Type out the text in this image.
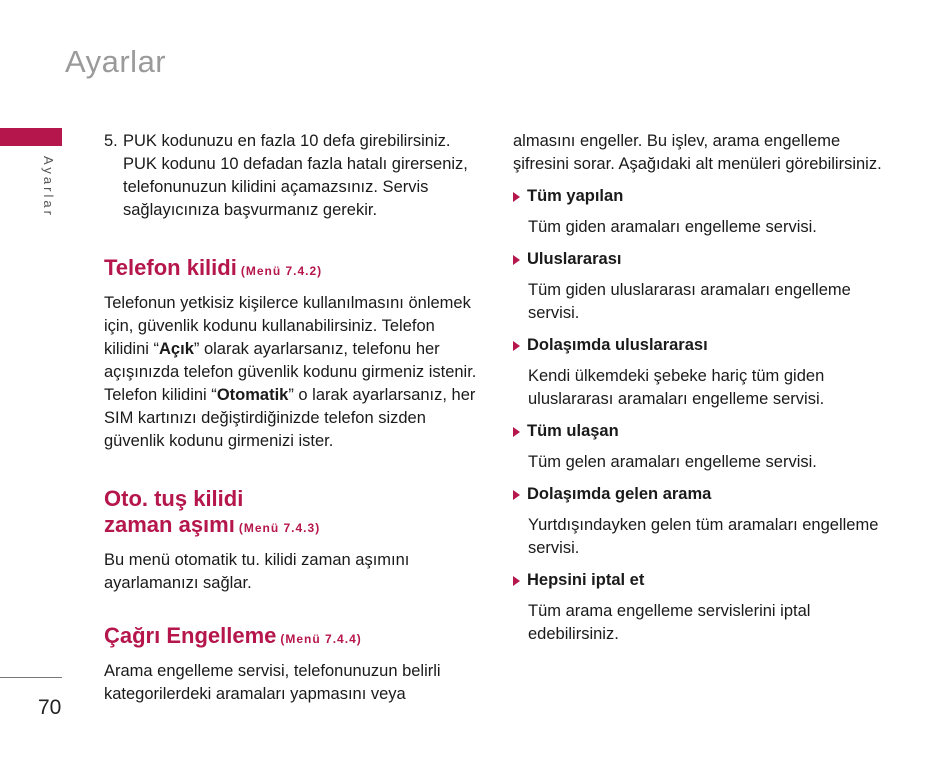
Ayarlar
Ayarlar
70
5. PUK kodunuzu en fazla 10 defa girebilirsiniz. PUK kodunu 10 defadan fazla hatalı girerseniz, telefonunuzun kilidini açamazsınız. Servis sağlayıcınıza başvurmanız gerekir.
Telefon kilidi (Menü 7.4.2)

Telefonun yetkisiz kişilerce kullanılmasını önlemek için, güvenlik kodunu kullanabilirsiniz. Telefon kilidini “Açık” olarak ayarlarsanız, telefonu her açışınızda telefon güvenlik kodunu girmeniz istenir. Telefon kilidini “Otomatik” o larak ayarlarsanız, her SIM kartınızı değiştirdiğinizde telefon sizden güvenlik kodunu girmenizi ister.

Oto. tuş kilidi
zaman aşımı (Menü 7.4.3)

Bu menü otomatik tu. kilidi zaman aşımını ayarlamanızı sağlar.

Çağrı Engelleme (Menü 7.4.4)

Arama engelleme servisi, telefonunuzun belirli kategorilerdeki aramaları yapmasını veya

almasını engeller. Bu işlev, arama engelleme şifresini sorar. Aşağıdaki alt menüleri görebilirsiniz.

Tüm yapılan

Tüm giden aramaları engelleme servisi.

Uluslararası

Tüm giden uluslararası aramaları engelleme servisi.

Dolaşımda uluslararası

Kendi ülkemdeki şebeke hariç tüm giden uluslararası aramaları engelleme servisi.

Tüm ulaşan

Tüm gelen aramaları engelleme servisi.

Dolaşımda gelen arama

Yurtdışındayken gelen tüm aramaları engelleme servisi.

Hepsini iptal et

Tüm arama engelleme servislerini iptal edebilirsiniz.
